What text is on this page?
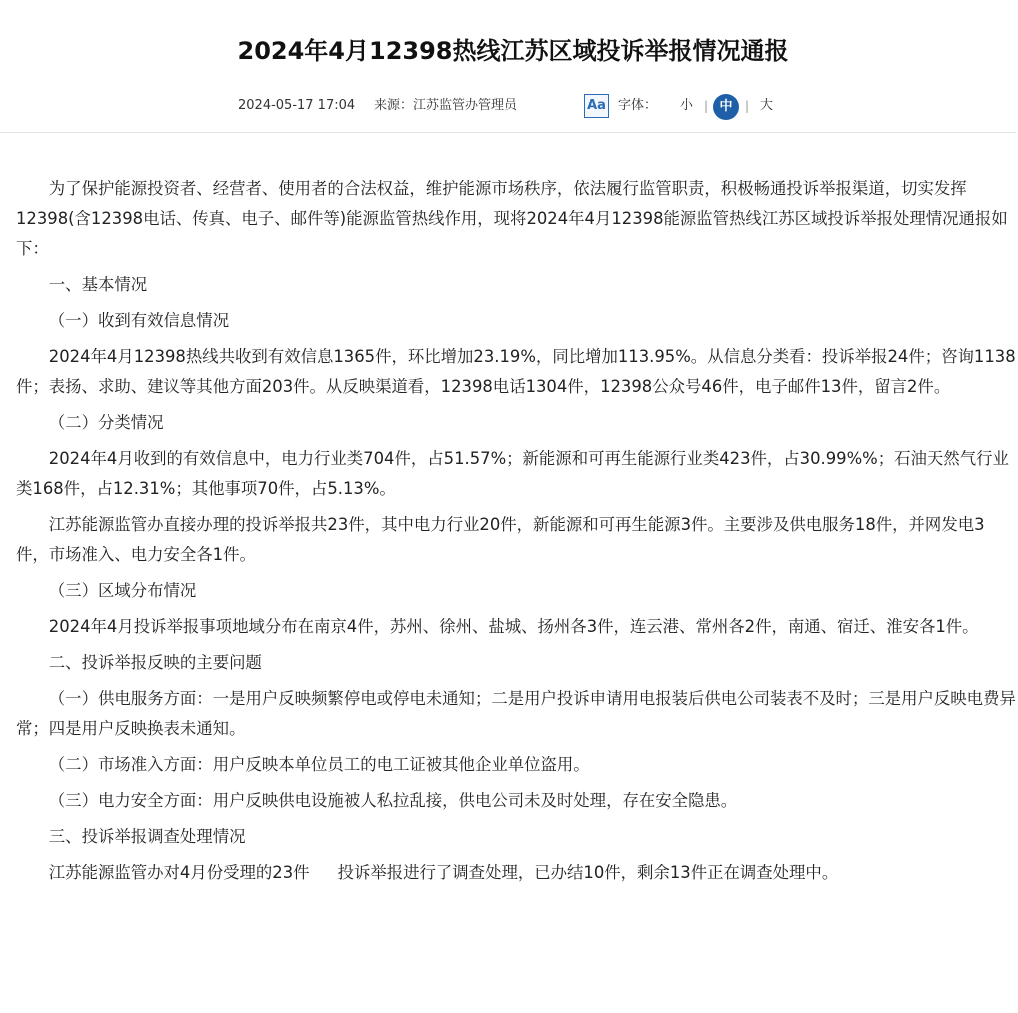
2024年4月12398热线江苏区域投诉举报情况通报
2024-05-17 17:04 来源：江苏监管办管理员	Aa 字体： 小 | 中	| 大

为了保护能源投资者、经营者、使用者的合法权益，维护能源市场秩序，依法履行监管职责，积极畅通投诉举报渠道，切实发挥12398(含12398电话、传真、电子、邮件等)能源监管热线作用，现将2024年4月12398能源监管热线江苏区域投诉举报处理情况通报如下：

一、基本情况

（一）收到有效信息情况

2024年4月12398热线共收到有效信息1365件，环比增加23.19%，同比增加113.95%。从信息分类看：投诉举报24件；咨询1138件；表扬、求助、建议等其他方面203件。从反映渠道看，12398电话1304件，12398公众号46件，电子邮件13件，留言2件。

（二）分类情况

2024年4月收到的有效信息中，电力行业类704件，占51.57%；新能源和可再生能源行业类423件，占30.99%%；石油天然气行业类168件，占12.31%；其他事项70件，占5.13%。

江苏能源监管办直接办理的投诉举报共23件，其中电力行业20件，新能源和可再生能源3件。主要涉及供电服务18件，并网发电3件，市场准入、电力安全各1件。

（三）区域分布情况

2024年4月投诉举报事项地域分布在南京4件，苏州、徐州、盐城、扬州各3件，连云港、常州各2件，南通、宿迁、淮安各1件。

二、投诉举报反映的主要问题

（一）供电服务方面：一是用户反映频繁停电或停电未通知；二是用户投诉申请用电报装后供电公司装表不及时；三是用户反映电费异常；四是用户反映换表未通知。

（二）市场准入方面：用户反映本单位员工的电工证被其他企业单位盗用。

（三）电力安全方面：用户反映供电设施被人私拉乱接，供电公司未及时处理，存在安全隐患。

三、投诉举报调查处理情况

江苏能源监管办对4月份受理的23件 投诉举报进行了调查处理，已办结10件，剩余13件正在调查处理中。
